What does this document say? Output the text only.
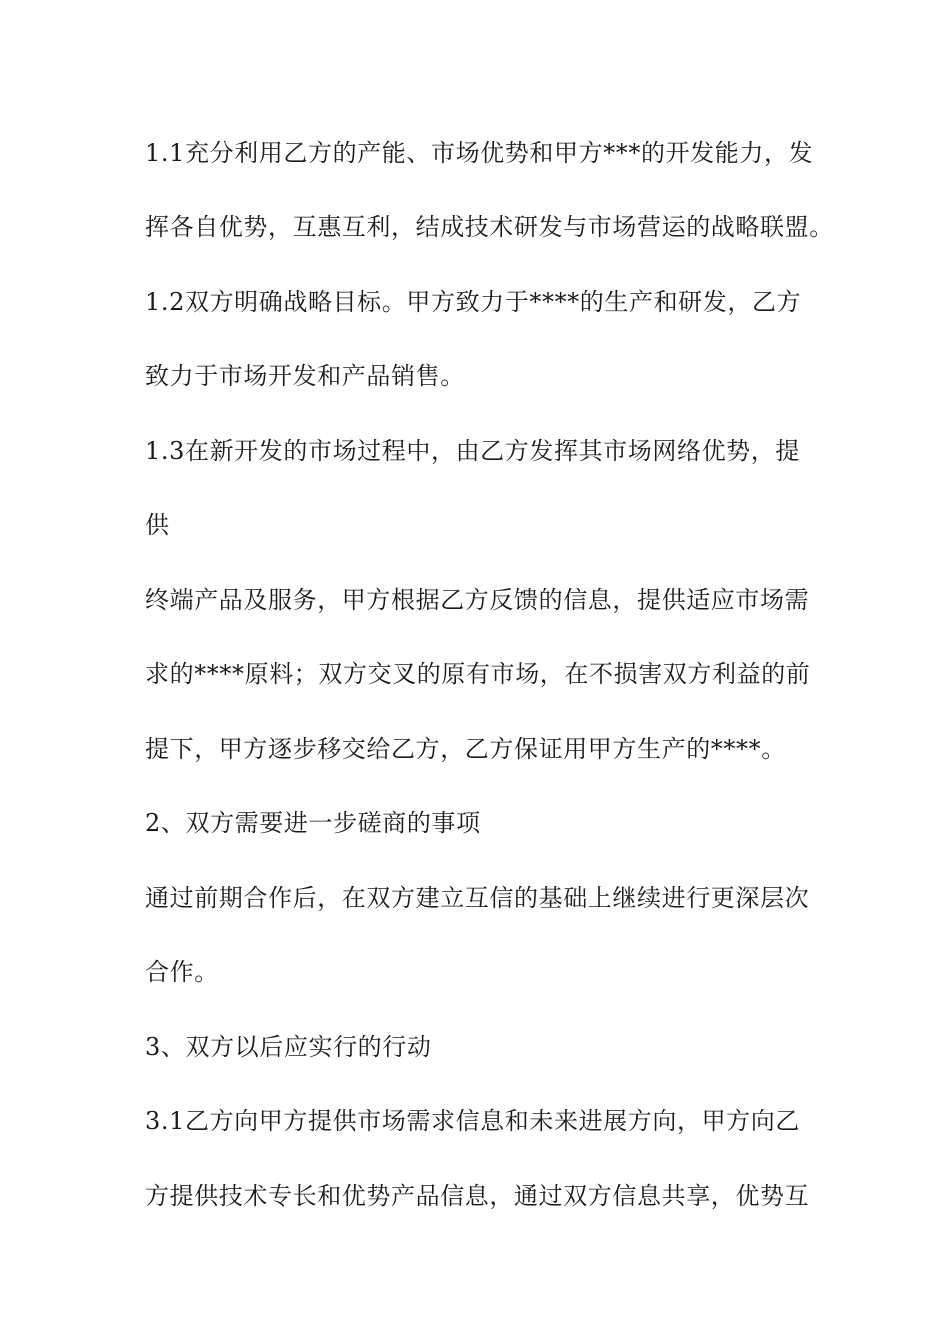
1.1充分利用乙方的产能、市场优势和甲方***的开发能力，发
挥各自优势，互惠互利，结成技术研发与市场营运的战略联盟。
1.2双方明确战略目标。甲方致力于****的生产和研发，乙方
致力于市场开发和产品销售。
1.3在新开发的市场过程中，由乙方发挥其市场网络优势，提
供
终端产品及服务，甲方根据乙方反馈的信息，提供适应市场需
求的****原料；双方交叉的原有市场，在不损害双方利益的前
提下，甲方逐步移交给乙方，乙方保证用甲方生产的****。
2、双方需要进一步磋商的事项
通过前期合作后，在双方建立互信的基础上继续进行更深层次
合作。
3、双方以后应实行的行动
3.1乙方向甲方提供市场需求信息和未来进展方向，甲方向乙
方提供技术专长和优势产品信息，通过双方信息共享，优势互
